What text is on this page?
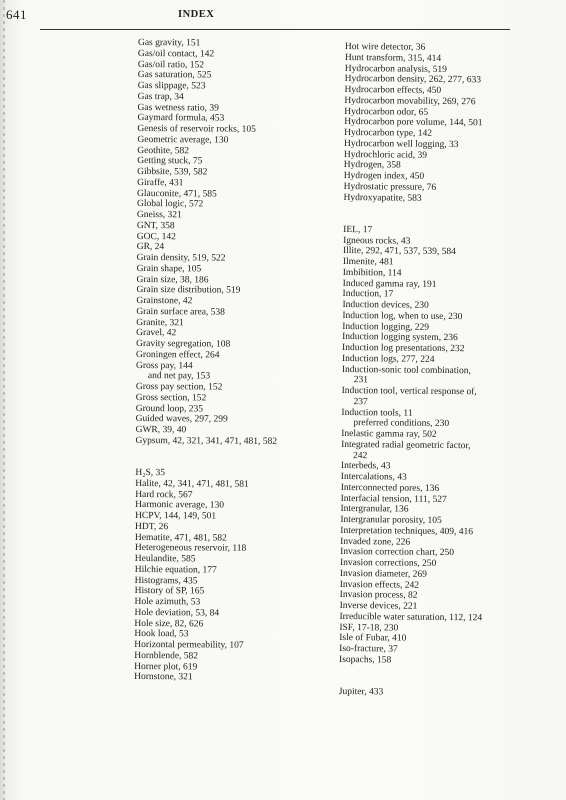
641	INDEX
Gas gravity, 151
Gas/oil contact, 142
Gas/oil ratio, 152
Gas saturation, 525
Gas slippage, 523
Gas trap, 34
Gas wetness ratio, 39
Gaymard formula, 453
Genesis of reservoir rocks, 105
Geometric average, 130
Geothite, 582
Getting stuck, 75
Gibbsite, 539, 582
Giraffe, 431
Glauconite, 471, 585
Global logic, 572
Gneiss, 321
GNT, 358
GOC, 142
GR, 24
Grain density, 519, 522
Grain shape, 105
Grain size, 38, 186
Grain size distribution, 519
Grainstone, 42
Grain surface area, 538
Granite, 321
Gravel, 42
Gravity segregation, 108
Groningen effect, 264
Gross pay, 144
and net pay, 153
Gross pay section, 152
Gross section, 152
Ground loop, 235
Guided waves, 297, 299
GWR, 39, 40
Gypsum, 42, 321, 341, 471, 481, 582
H₂S, 35
Halite, 42, 341, 471, 481, 581
Hard rock, 567
Harmonic average, 130
HCPV, 144, 149, 501
HDT, 26
Hematite, 471, 481, 582
Heterogeneous reservoir, 118
Heulandite, 585
Hilchie equation, 177
Histograms, 435
History of SP, 165
Hole azimuth, 53
Hole deviation, 53, 84
Hole size, 82, 626
Hook load, 53
Horizontal permeability, 107
Hornblende, 582
Horner plot, 619
Hornstone, 321
Hot wire detector, 36
Hunt transform, 315, 414
Hydrocarbon analysis, 519
Hydrocarbon density, 262, 277, 633
Hydrocarbon effects, 450
Hydrocarbon movability, 269, 276
Hydrocarbon odor, 65
Hydrocarbon pore volume, 144, 501
Hydrocarbon type, 142
Hydrocarbon well logging, 33
Hydrochloric acid, 39
Hydrogen, 358
Hydrogen index, 450
Hydrostatic pressure, 76
Hydroxyapatite, 583
IEL, 17
Igneous rocks, 43
Illite, 292, 471, 537, 539, 584
Ilmenite, 481
Imbibition, 114
Induced gamma ray, 191
Induction, 17
Induction devices, 230
Induction log, when to use, 230
Induction logging, 229
Induction logging system, 236
Induction log presentations, 232
Induction logs, 277, 224
Induction-sonic tool combination,
231
Induction tool, vertical response of,
237
Induction tools, 11
preferred conditions, 230
Inelastic gamma ray, 502
Integrated radial geometric factor,
242
Interbeds, 43
Intercalations, 43
Interconnected pores, 136
Interfacial tension, 111, 527
Intergranular, 136
Intergranular porosity, 105
Interpretation techniques, 409, 416
Invaded zone, 226
Invasion correction chart, 250
Invasion corrections, 250
Invasion diameter, 269
Invasion effects, 242
Invasion process, 82
Inverse devices, 221
Irreducible water saturation, 112, 124
ISF, 17-18, 230
Isle of Fubar, 410
Iso-fracture, 37
Isopachs, 158
Jupiter, 433
